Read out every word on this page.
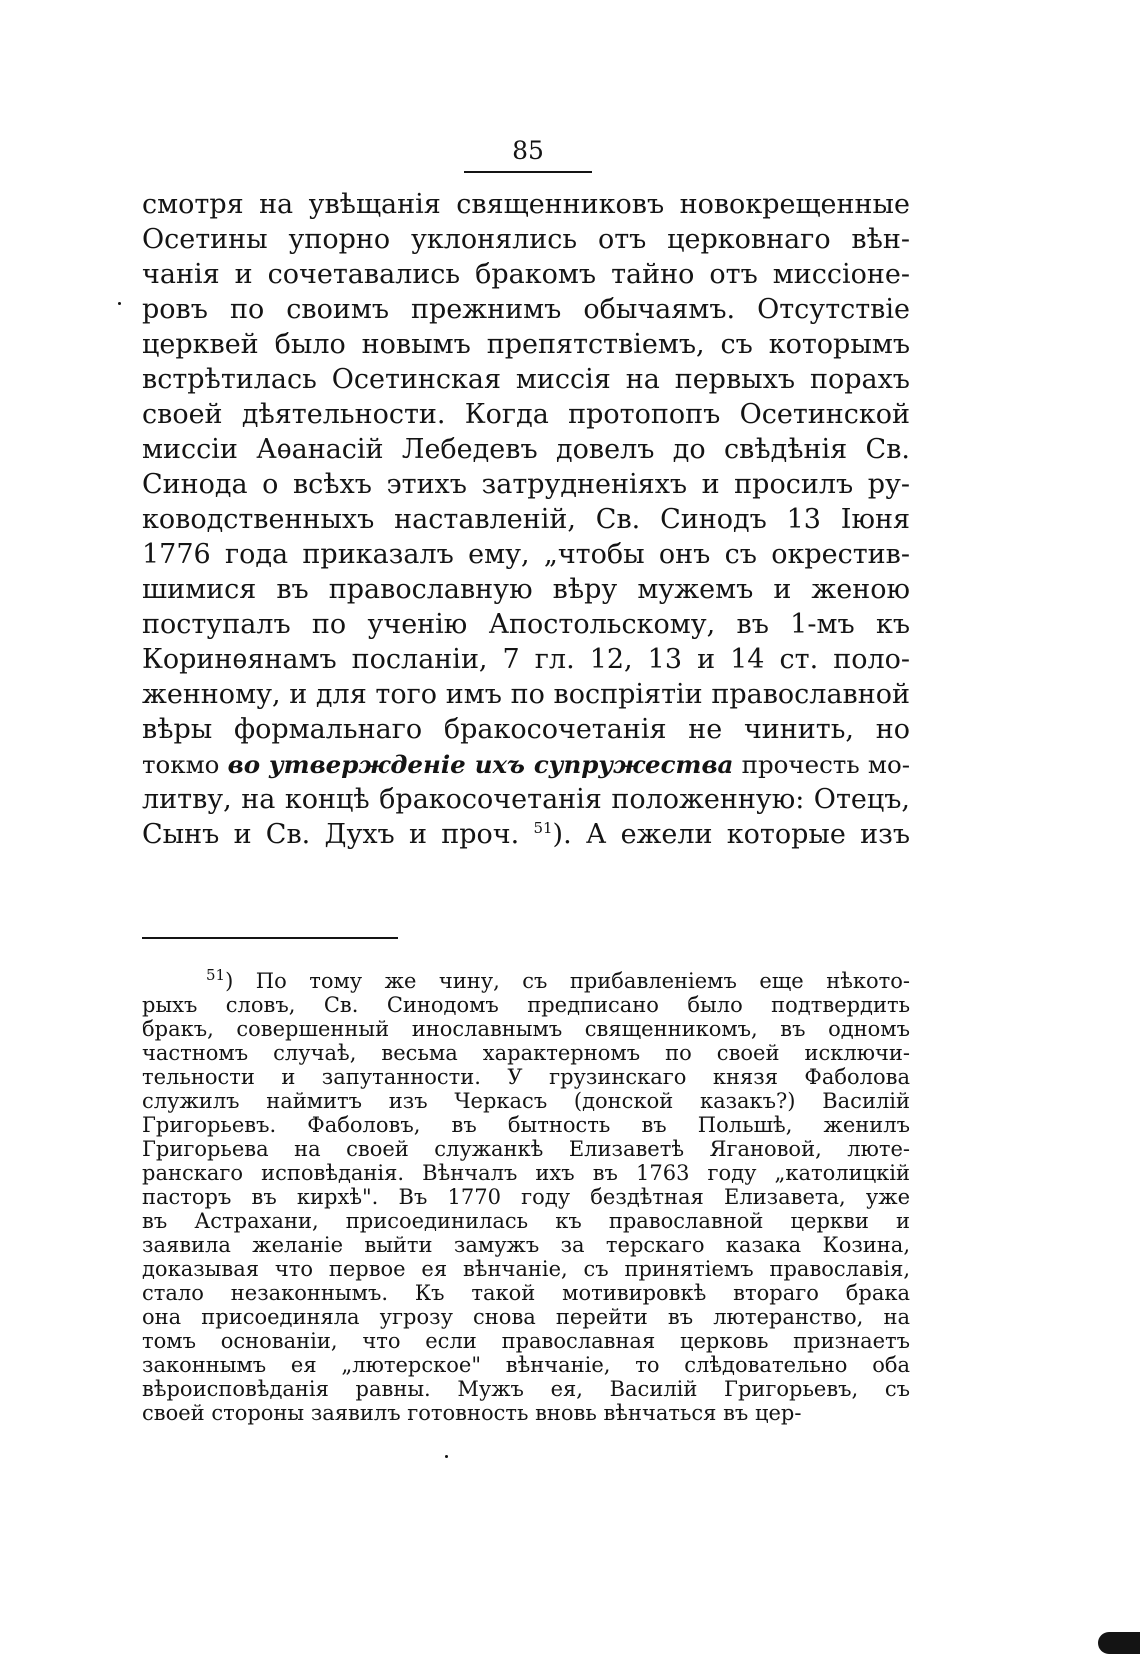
85

смотря на увѣщанія священниковъ новокрещенные

Осетины упорно уклонялись отъ церковнаго вѣн-

чанія и сочетавались бракомъ тайно отъ миссіоне-

ровъ по своимъ прежнимъ обычаямъ. Отсутствіе

церквей было новымъ препятствіемъ, съ которымъ

встрѣтилась Осетинская миссія на первыхъ порахъ

своей дѣятельности. Когда протопопъ Осетинской

миссіи Аѳанасій Лебедевъ довелъ до свѣдѣнія Св.

Синода о всѣхъ этихъ затрудненіяхъ и просилъ ру-

ководственныхъ наставленій, Св. Синодъ 13 Іюня

1776 года приказалъ ему, „чтобы онъ съ окрестив-

шимися въ православную вѣру мужемъ и женою

поступалъ по ученію Апостольскому, въ 1-мъ къ

Коринѳянамъ посланіи, 7 гл. 12, 13 и 14 ст. поло-

женному, и для того имъ по воспріятіи православной

вѣры формальнаго бракосочетанія не чинить, но

токмо во утвержденіе ихъ супружества прочесть мо-

литву, на концѣ бракосочетанія положенную: Отецъ,

Сынъ и Св. Духъ и проч. $^{51}$). А ежели которые изъ

$^{51}$) По тому же чину, съ прибавленіемъ еще нѣкото-

рыхъ словъ, Св. Синодомъ предписано было подтвердить

бракъ, совершенный инославнымъ священникомъ, въ одномъ

частномъ случаѣ, весьма характерномъ по своей исключи-

тельности и запутанности. У грузинскаго князя Фаболова

служилъ наймитъ изъ Черкасъ (донской казакъ?) Василій

Григорьевъ. Фаболовъ, въ бытность въ Польшѣ, женилъ

Григорьева на своей служанкѣ Елизаветѣ Ягановой, люте-

ранскаго исповѣданія. Вѣнчалъ ихъ въ 1763 году „католицкій

пасторъ въ кирхѣ". Въ 1770 году бездѣтная Елизавета, уже

въ Астрахани, присоединилась къ православной церкви и

заявила желаніе выйти замужъ за терскаго казака Козина,

доказывая что первое ея вѣнчаніе, съ принятіемъ православія,

стало незаконнымъ. Къ такой мотивировкѣ втораго брака

она присоединяла угрозу снова перейти въ лютеранство, на

томъ основаніи, что если православная церковь признаетъ

законнымъ ея „лютерское" вѣнчаніе, то слѣдовательно оба

вѣроисповѣданія равны. Мужъ ея, Василій Григорьевъ, съ

своей стороны заявилъ готовность вновь вѣнчаться въ цер-
